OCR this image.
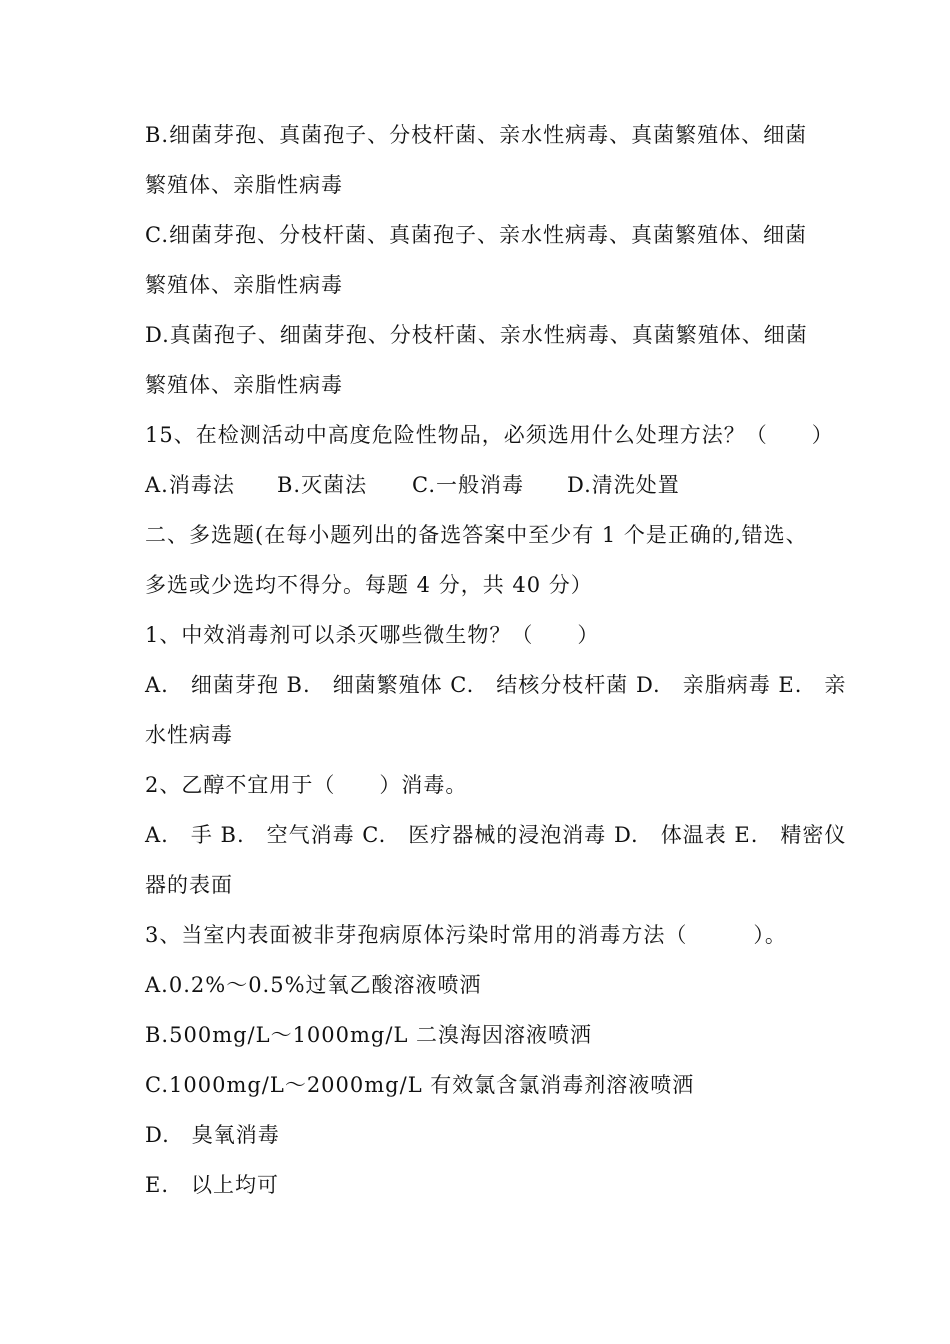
B.细菌芽孢、真菌孢子、分枝杆菌、亲水性病毒、真菌繁殖体、细菌
繁殖体、亲脂性病毒
C.细菌芽孢、分枝杆菌、真菌孢子、亲水性病毒、真菌繁殖体、细菌
繁殖体、亲脂性病毒
D.真菌孢子、细菌芽孢、分枝杆菌、亲水性病毒、真菌繁殖体、细菌
繁殖体、亲脂性病毒
15、在检测活动中高度危险性物品，必须选用什么处理方法？（　　）
A.消毒法	B.灭菌法	C.一般消毒	D.清洗处置
二、多选题(在每小题列出的备选答案中至少有 1 个是正确的,错选、
多选或少选均不得分。每题 4 分，共 40 分）
1、中效消毒剂可以杀灭哪些微生物？（　　）
A.　细菌芽孢 B.　细菌繁殖体 C.　结核分枝杆菌 D.　亲脂病毒 E.　亲
水性病毒
2、乙醇不宜用于（　　）消毒。
A.　手 B.　空气消毒 C.　医疗器械的浸泡消毒 D.　体温表 E.　精密仪
器的表面
3、当室内表面被非芽孢病原体污染时常用的消毒方法（　　　）。
A.0.2%～0.5%过氧乙酸溶液喷洒
B.500mg/L～1000mg/L 二溴海因溶液喷洒
C.1000mg/L～2000mg/L 有效氯含氯消毒剂溶液喷洒
D.　臭氧消毒
E.　以上均可
